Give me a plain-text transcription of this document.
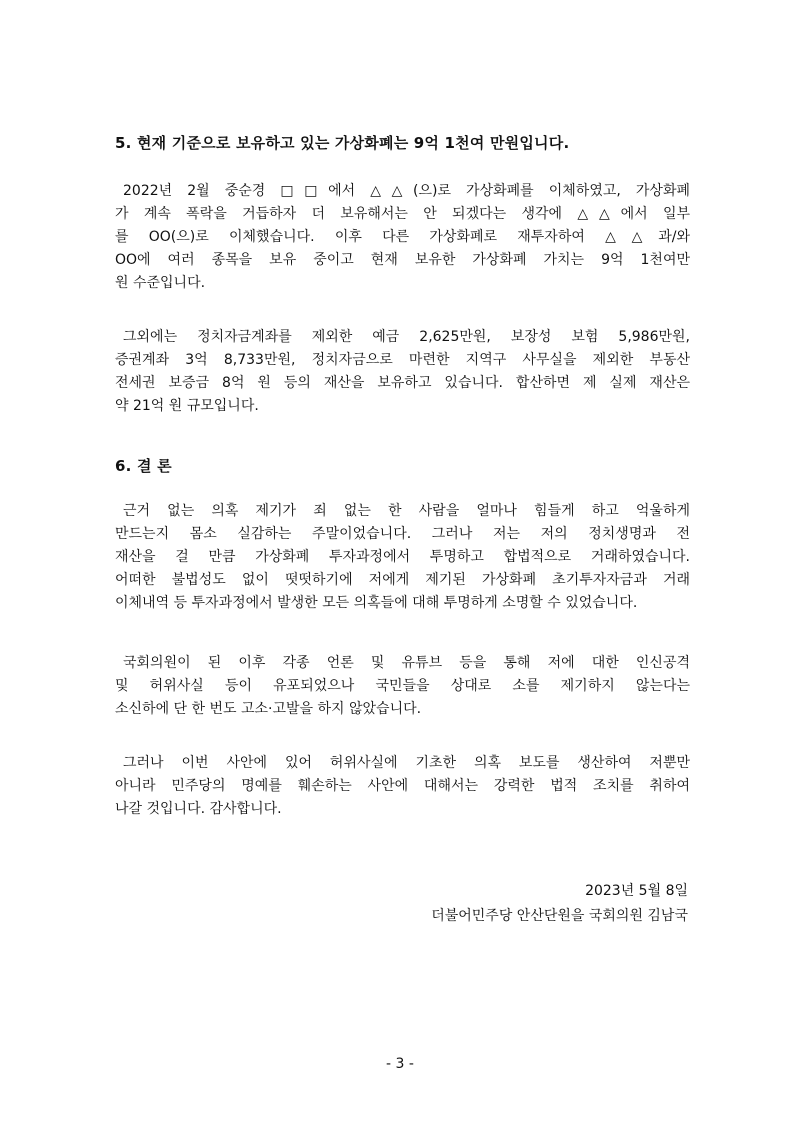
5. 현재 기준으로 보유하고 있는 가상화폐는 9억 1천여 만원입니다.
2022년 2월 중순경 □□에서 △△(으)로 가상화폐를 이체하였고, 가상화폐
가 계속 폭락을 거듭하자 더 보유해서는 안 되겠다는 생각에 △△에서 일부
를 OO(으)로 이체했습니다. 이후 다른 가상화폐로 재투자하여 △△과/와
OO에 여러 종목을 보유 중이고 현재 보유한 가상화폐 가치는 9억 1천여만
원 수준입니다.
그외에는 정치자금계좌를 제외한 예금 2,625만원, 보장성 보험 5,986만원,
증권계좌 3억 8,733만원, 정치자금으로 마련한 지역구 사무실을 제외한 부동산
전세권 보증금 8억 원 등의 재산을 보유하고 있습니다. 합산하면 제 실제 재산은
약 21억 원 규모입니다.
6. 결 론
근거 없는 의혹 제기가 죄 없는 한 사람을 얼마나 힘들게 하고 억울하게
만드는지 몸소 실감하는 주말이었습니다. 그러나 저는 저의 정치생명과 전
재산을 걸 만큼 가상화폐 투자과정에서 투명하고 합법적으로 거래하였습니다.
어떠한 불법성도 없이 떳떳하기에 저에게 제기된 가상화폐 초기투자자금과 거래
이체내역 등 투자과정에서 발생한 모든 의혹들에 대해 투명하게 소명할 수 있었습니다.
국회의원이 된 이후 각종 언론 및 유튜브 등을 통해 저에 대한 인신공격
및 허위사실 등이 유포되었으나 국민들을 상대로 소를 제기하지 않는다는
소신하에 단 한 번도 고소·고발을 하지 않았습니다.
그러나 이번 사안에 있어 허위사실에 기초한 의혹 보도를 생산하여 저뿐만
아니라 민주당의 명예를 훼손하는 사안에 대해서는 강력한 법적 조치를 취하여
나갈 것입니다. 감사합니다.
2023년 5월 8일
더불어민주당 안산단원을 국회의원 김남국
- 3 -
